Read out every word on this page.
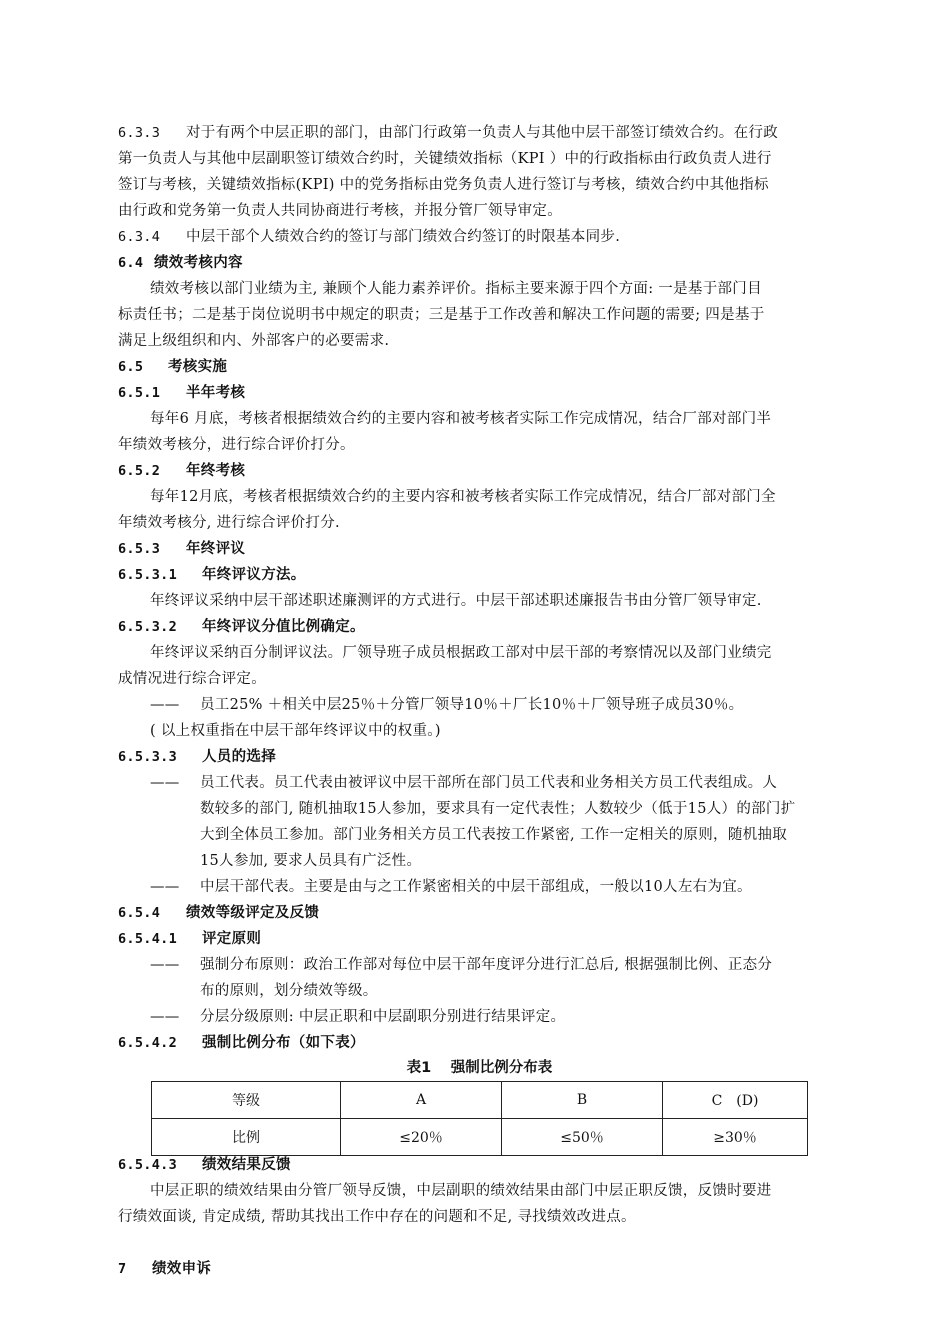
6.3.3 对于有两个中层正职的部门，由部门行政第一负责人与其他中层干部签订绩效合约。在行政
第一负责人与其他中层副职签订绩效合约时，关键绩效指标（KPI ）中的行政指标由行政负责人进行
签订与考核，关键绩效指标(KPI) 中的党务指标由党务负责人进行签订与考核，绩效合约中其他指标
由行政和党务第一负责人共同协商进行考核，并报分管厂领导审定。
6.3.4 中层干部个人绩效合约的签订与部门绩效合约签订的时限基本同步.
6.4 绩效考核内容
绩效考核以部门业绩为主, 兼顾个人能力素养评价。指标主要来源于四个方面: 一是基于部门目
标责任书；二是基于岗位说明书中规定的职责；三是基于工作改善和解决工作问题的需要; 四是基于
满足上级组织和内、外部客户的必要需求.
6.5 考核实施
6.5.1 半年考核
每年6 月底，考核者根据绩效合约的主要内容和被考核者实际工作完成情况，结合厂部对部门半
年绩效考核分，进行综合评价打分。
6.5.2 年终考核
每年12月底，考核者根据绩效合约的主要内容和被考核者实际工作完成情况，结合厂部对部门全
年绩效考核分, 进行综合评价打分.
6.5.3 年终评议
6.5.3.1 年终评议方法。
年终评议采纳中层干部述职述廉测评的方式进行。中层干部述职述廉报告书由分管厂领导审定.
6.5.3.2 年终评议分值比例确定。
年终评议采纳百分制评议法。厂领导班子成员根据政工部对中层干部的考察情况以及部门业绩完
成情况进行综合评定。
—— 员工25% ＋相关中层25％＋分管厂领导10％＋厂长10％＋厂领导班子成员30％。
( 以上权重指在中层干部年终评议中的权重。)
6.5.3.3 人员的选择
—— 员工代表。员工代表由被评议中层干部所在部门员工代表和业务相关方员工代表组成。人
数较多的部门, 随机抽取15人参加，要求具有一定代表性；人数较少（低于15人）的部门扩
大到全体员工参加。部门业务相关方员工代表按工作紧密, 工作一定相关的原则，随机抽取
15人参加, 要求人员具有广泛性。
—— 中层干部代表。主要是由与之工作紧密相关的中层干部组成，一般以10人左右为宜。
6.5.4 绩效等级评定及反馈
6.5.4.1 评定原则
—— 强制分布原则：政治工作部对每位中层干部年度评分进行汇总后, 根据强制比例、正态分
布的原则，划分绩效等级。
—— 分层分级原则: 中层正职和中层副职分别进行结果评定。
6.5.4.2 强制比例分布（如下表）
表1　 强制比例分布表
等级	A	B	C　(D)
比例	≤20％	≤50％	≥30％
6.5.4.3 绩效结果反馈
中层正职的绩效结果由分管厂领导反馈，中层副职的绩效结果由部门中层正职反馈，反馈时要进
行绩效面谈, 肯定成绩, 帮助其找出工作中存在的问题和不足, 寻找绩效改进点。
7 绩效申诉
